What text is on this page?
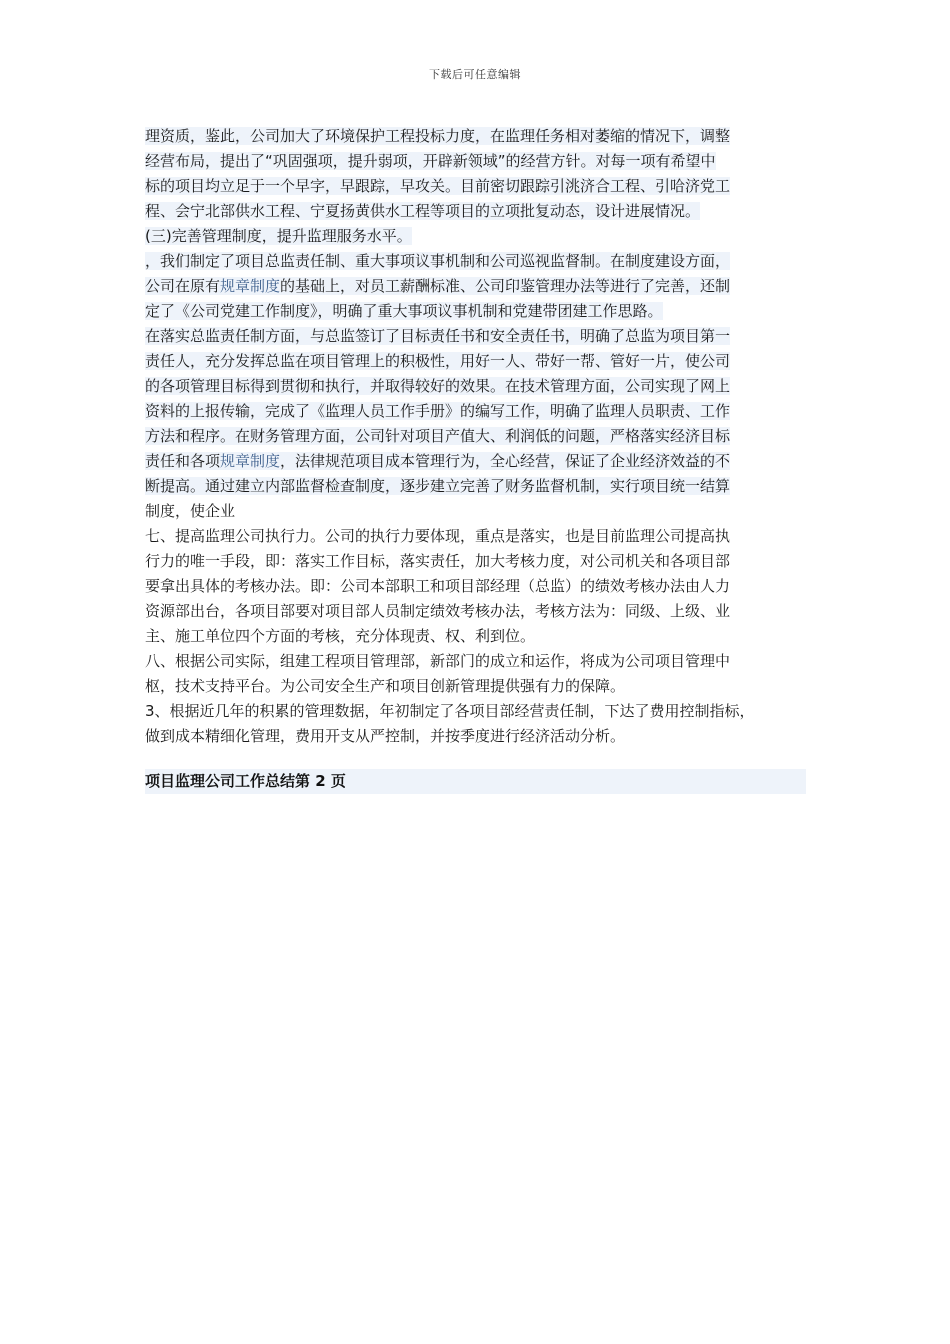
下载后可任意编辑
理资质，鉴此，公司加大了环境保护工程投标力度，在监理任务相对萎缩的情况下，调整
经营布局，提出了“巩固强项，提升弱项，开辟新领域”的经营方针。对每一项有希望中
标的项目均立足于一个早字，早跟踪，早攻关。目前密切跟踪引洮济合工程、引哈济党工
程、会宁北部供水工程、宁夏扬黄供水工程等项目的立项批复动态，设计进展情况。
(三)完善管理制度，提升监理服务水平。
，我们制定了项目总监责任制、重大事项议事机制和公司巡视监督制。在制度建设方面，
公司在原有规章制度的基础上，对员工薪酬标准、公司印鉴管理办法等进行了完善，还制
定了《公司党建工作制度》，明确了重大事项议事机制和党建带团建工作思路。
在落实总监责任制方面，与总监签订了目标责任书和安全责任书，明确了总监为项目第一
责任人，充分发挥总监在项目管理上的积极性，用好一人、带好一帮、管好一片，使公司
的各项管理目标得到贯彻和执行，并取得较好的效果。在技术管理方面，公司实现了网上
资料的上报传输，完成了《监理人员工作手册》的编写工作，明确了监理人员职责、工作
方法和程序。在财务管理方面，公司针对项目产值大、利润低的问题，严格落实经济目标
责任和各项规章制度，法律规范项目成本管理行为，全心经营，保证了企业经济效益的不
断提高。通过建立内部监督检查制度，逐步建立完善了财务监督机制，实行项目统一结算
制度，使企业
七、提高监理公司执行力。公司的执行力要体现，重点是落实，也是目前监理公司提高执
行力的唯一手段，即：落实工作目标，落实责任，加大考核力度，对公司机关和各项目部
要拿出具体的考核办法。即：公司本部职工和项目部经理（总监）的绩效考核办法由人力
资源部出台，各项目部要对项目部人员制定绩效考核办法，考核方法为：同级、上级、业
主、施工单位四个方面的考核，充分体现责、权、利到位。
八、根据公司实际，组建工程项目管理部，新部门的成立和运作，将成为公司项目管理中
枢，技术支持平台。为公司安全生产和项目创新管理提供强有力的保障。
3、根据近几年的积累的管理数据，年初制定了各项目部经营责任制，下达了费用控制指标，
做到成本精细化管理，费用开支从严控制，并按季度进行经济活动分析。
项目监理公司工作总结第 2 页
